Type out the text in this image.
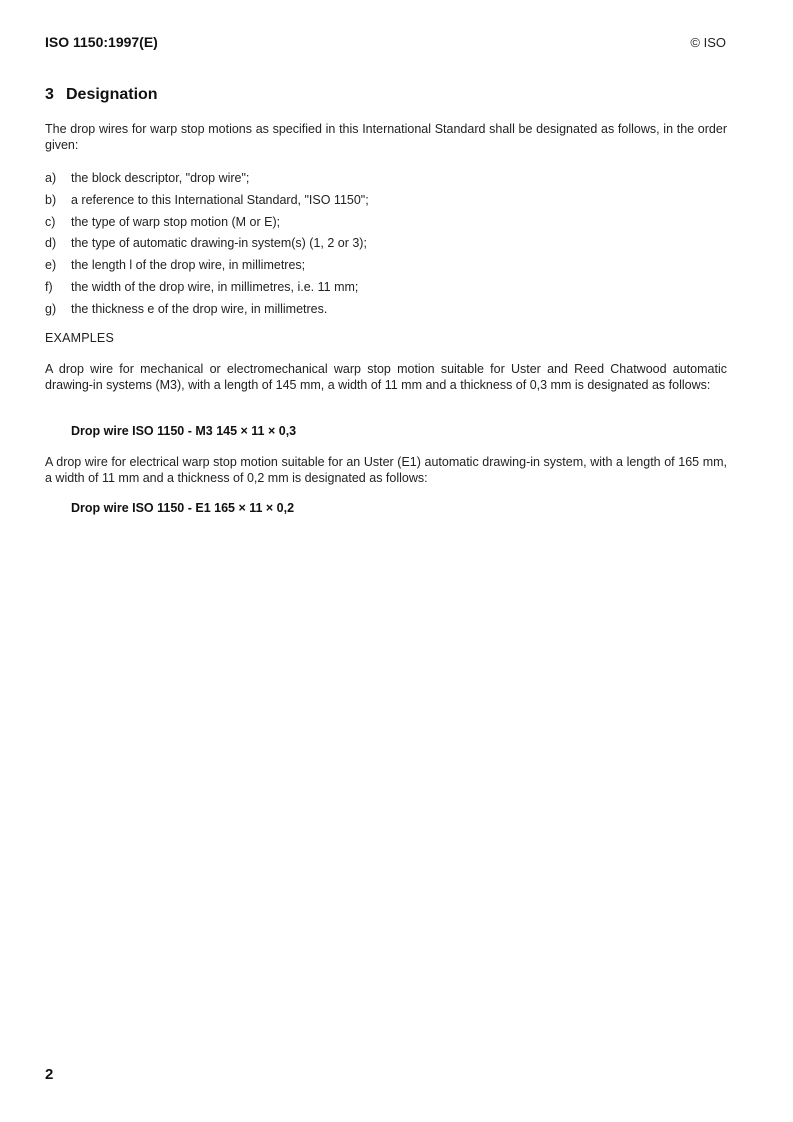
ISO 1150:1997(E)	© ISO
3 Designation
The drop wires for warp stop motions as specified in this International Standard shall be designated as follows, in the order given:
a)	the block descriptor, "drop wire";
b)	a reference to this International Standard, "ISO 1150";
c)	the type of warp stop motion (M or E);
d)	the type of automatic drawing-in system(s) (1, 2 or 3);
e)	the length l of the drop wire, in millimetres;
f)	the width of the drop wire, in millimetres, i.e. 11 mm;
g)	the thickness e of the drop wire, in millimetres.
EXAMPLES
A drop wire for mechanical or electromechanical warp stop motion suitable for Uster and Reed Chatwood automatic drawing-in systems (M3), with a length of 145 mm, a width of 11 mm and a thickness of 0,3 mm is designated as follows:
Drop wire ISO 1150 - M3 145 × 11 × 0,3
A drop wire for electrical warp stop motion suitable for an Uster (E1) automatic drawing-in system, with a length of 165 mm, a width of 11 mm and a thickness of 0,2 mm is designated as follows:
Drop wire ISO 1150 - E1 165 × 11 × 0,2
2
